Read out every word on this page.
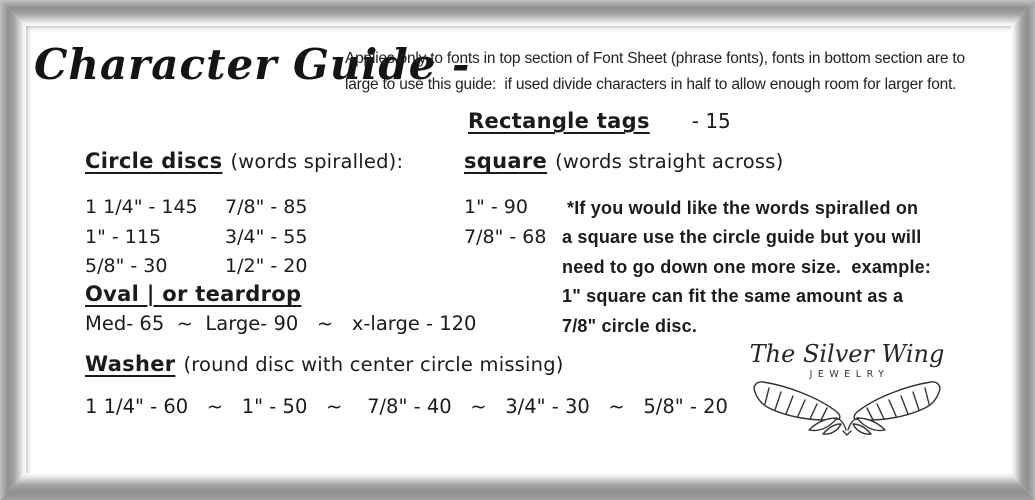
Character Guide -
Applies only to fonts in top section of Font Sheet (phrase fonts), fonts in bottom section are to
large to use this guide:  if used divide characters in half to allow enough room for larger font.
Rectangle tags - 15
Circle discs (words spiralled):
1 1/4" - 145	7/8" - 85
1" - 115	3/4" - 55
5/8" - 30	1/2" - 20
square (words straight across)
1" - 90
7/8" - 68
*If you would like the words spiralled on
a square use the circle guide but you will
need to go down one more size.  example:
1" square can fit the same amount as a
7/8" circle disc.
Oval | or teardrop
Med- 65  ~  Large- 90   ~   x-large - 120
Washer (round disc with center circle missing)
1 1/4" - 60   ~   1" - 50   ~    7/8" - 40   ~   3/4" - 30   ~   5/8" - 20
The Silver Wing
JEWELRY
